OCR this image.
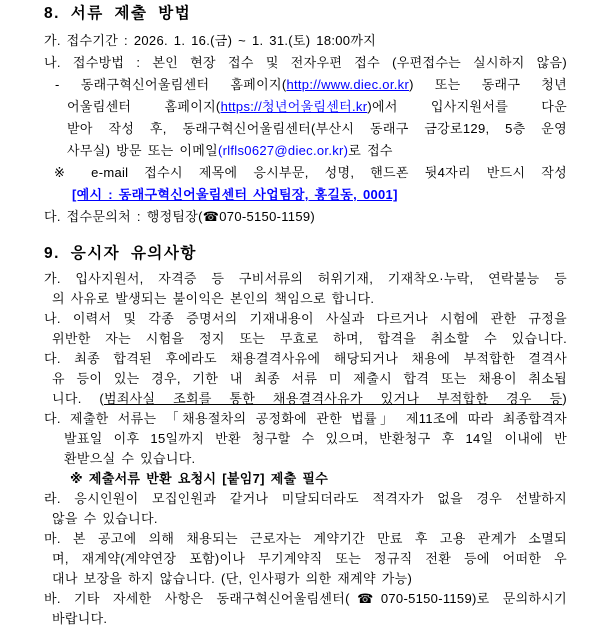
8. 서류 제출 방법
가. 접수기간 : 2026. 1. 16.(금) ~ 1. 31.(토) 18:00까지
나. 접수방법 : 본인 현장 접수 및 전자우편 접수 (우편접수는 실시하지 않음)
- 동래구혁신어울림센터 홈페이지(http://www.diec.or.kr) 또는 동래구 청년
어울림센터 홈페이지(https://청년어울림센터.kr)에서 입사지원서를 다운
받아 작성 후, 동래구혁신어울림센터(부산시 동래구 금강로129, 5층 운영
사무실) 방문 또는 이메일(rlfls0627@diec.or.kr)로 접수
※ e-mail 접수시 제목에 응시부문, 성명, 핸드폰 뒷4자리 반드시 작성
[예시 : 동래구혁신어울림센터 사업팀장, 홍길동, 0001]
다. 접수문의처 : 행정팀장(☎070-5150-1159)
9. 응시자 유의사항
가. 입사지원서, 자격증 등 구비서류의 허위기재, 기재착오·누락, 연락불능 등
의 사유로 발생되는 불이익은 본인의 책임으로 합니다.
나. 이력서 및 각종 증명서의 기재내용이 사실과 다르거나 시험에 관한 규정을
위반한 자는 시험을 정지 또는 무효로 하며, 합격을 취소할 수 있습니다.
다. 최종 합격된 후에라도 채용결격사유에 해당되거나 채용에 부적합한 결격사
유 등이 있는 경우, 기한 내 최종 서류 미 제출시 합격 또는 채용이 취소됩
니다. (범죄사실 조회를 통한 채용결격사유가 있거나 부적합한 경우 등)
다. 제출한 서류는 「채용절차의 공정화에 관한 법률」 제11조에 따라 최종합격자
발표일 이후 15일까지 반환 청구할 수 있으며, 반환청구 후 14일 이내에 반
환받으실 수 있습니다.
※ 제출서류 반환 요청시 [붙임7] 제출 필수
라. 응시인원이 모집인원과 같거나 미달되더라도 적격자가 없을 경우 선발하지
않을 수 있습니다.
마. 본 공고에 의해 채용되는 근로자는 계약기간 만료 후 고용 관계가 소멸되
며, 재계약(계약연장 포함)이나 무기계약직 또는 정규직 전환 등에 어떠한 우
대나 보장을 하지 않습니다. (단, 인사평가 의한 재계약 가능)
바. 기타 자세한 사항은 동래구혁신어울림센터(☎070-5150-1159)로 문의하시기
바랍니다.
